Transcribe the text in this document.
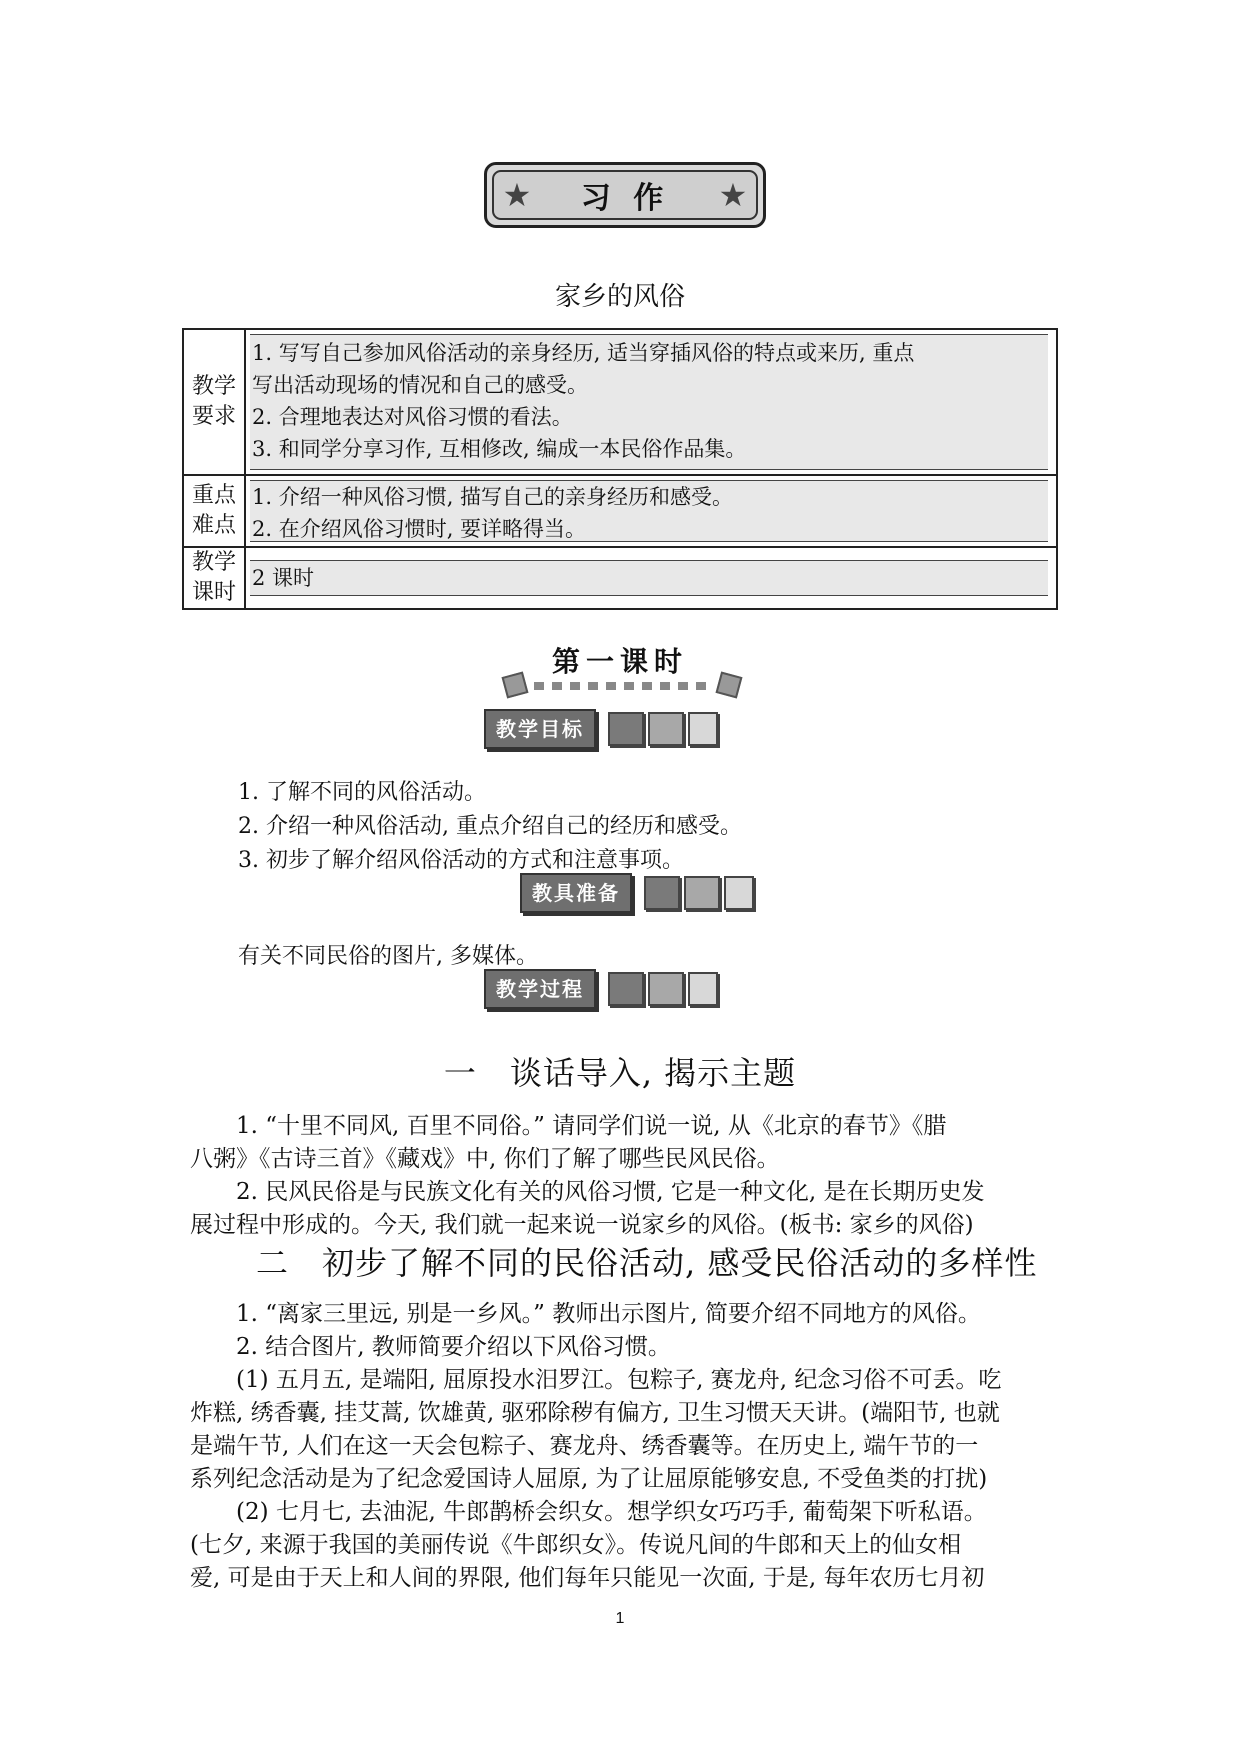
★ 习 作 ★
家乡的风俗
教学
要求

1. 写写自己参加风俗活动的亲身经历, 适当穿插风俗的特点或来历, 重点

写出活动现场的情况和自己的感受。

2. 合理地表达对风俗习惯的看法。

3. 和同学分享习作, 互相修改, 编成一本民俗作品集。

重点
难点

1. 介绍一种风俗习惯, 描写自己的亲身经历和感受。

2. 在介绍风俗习惯时, 要详略得当。

教学
课时

2 课时

第一课时
教学目标
1. 了解不同的风俗活动。
2. 介绍一种风俗活动, 重点介绍自己的经历和感受。
3. 初步了解介绍风俗活动的方式和注意事项。
教具准备
有关不同民俗的图片, 多媒体。
教学过程
一　谈话导入, 揭示主题

1. “十里不同风, 百里不同俗。” 请同学们说一说, 从《北京的春节》《腊

八粥》《古诗三首》《藏戏》中, 你们了解了哪些民风民俗。

2. 民风民俗是与民族文化有关的风俗习惯, 它是一种文化, 是在长期历史发

展过程中形成的。今天, 我们就一起来说一说家乡的风俗。(板书: 家乡的风俗)

二　初步了解不同的民俗活动, 感受民俗活动的多样性

1. “离家三里远, 别是一乡风。” 教师出示图片, 简要介绍不同地方的风俗。

2. 结合图片, 教师简要介绍以下风俗习惯。

(1) 五月五, 是端阳, 屈原投水汨罗江。包粽子, 赛龙舟, 纪念习俗不可丢。吃

炸糕, 绣香囊, 挂艾蒿, 饮雄黄, 驱邪除秽有偏方, 卫生习惯天天讲。(端阳节, 也就

是端午节, 人们在这一天会包粽子、赛龙舟、绣香囊等。在历史上, 端午节的一

系列纪念活动是为了纪念爱国诗人屈原, 为了让屈原能够安息, 不受鱼类的打扰)

(2) 七月七, 去油泥, 牛郎鹊桥会织女。想学织女巧巧手, 葡萄架下听私语。

(七夕, 来源于我国的美丽传说《牛郎织女》。传说凡间的牛郎和天上的仙女相

爱, 可是由于天上和人间的界限, 他们每年只能见一次面, 于是, 每年农历七月初

1
